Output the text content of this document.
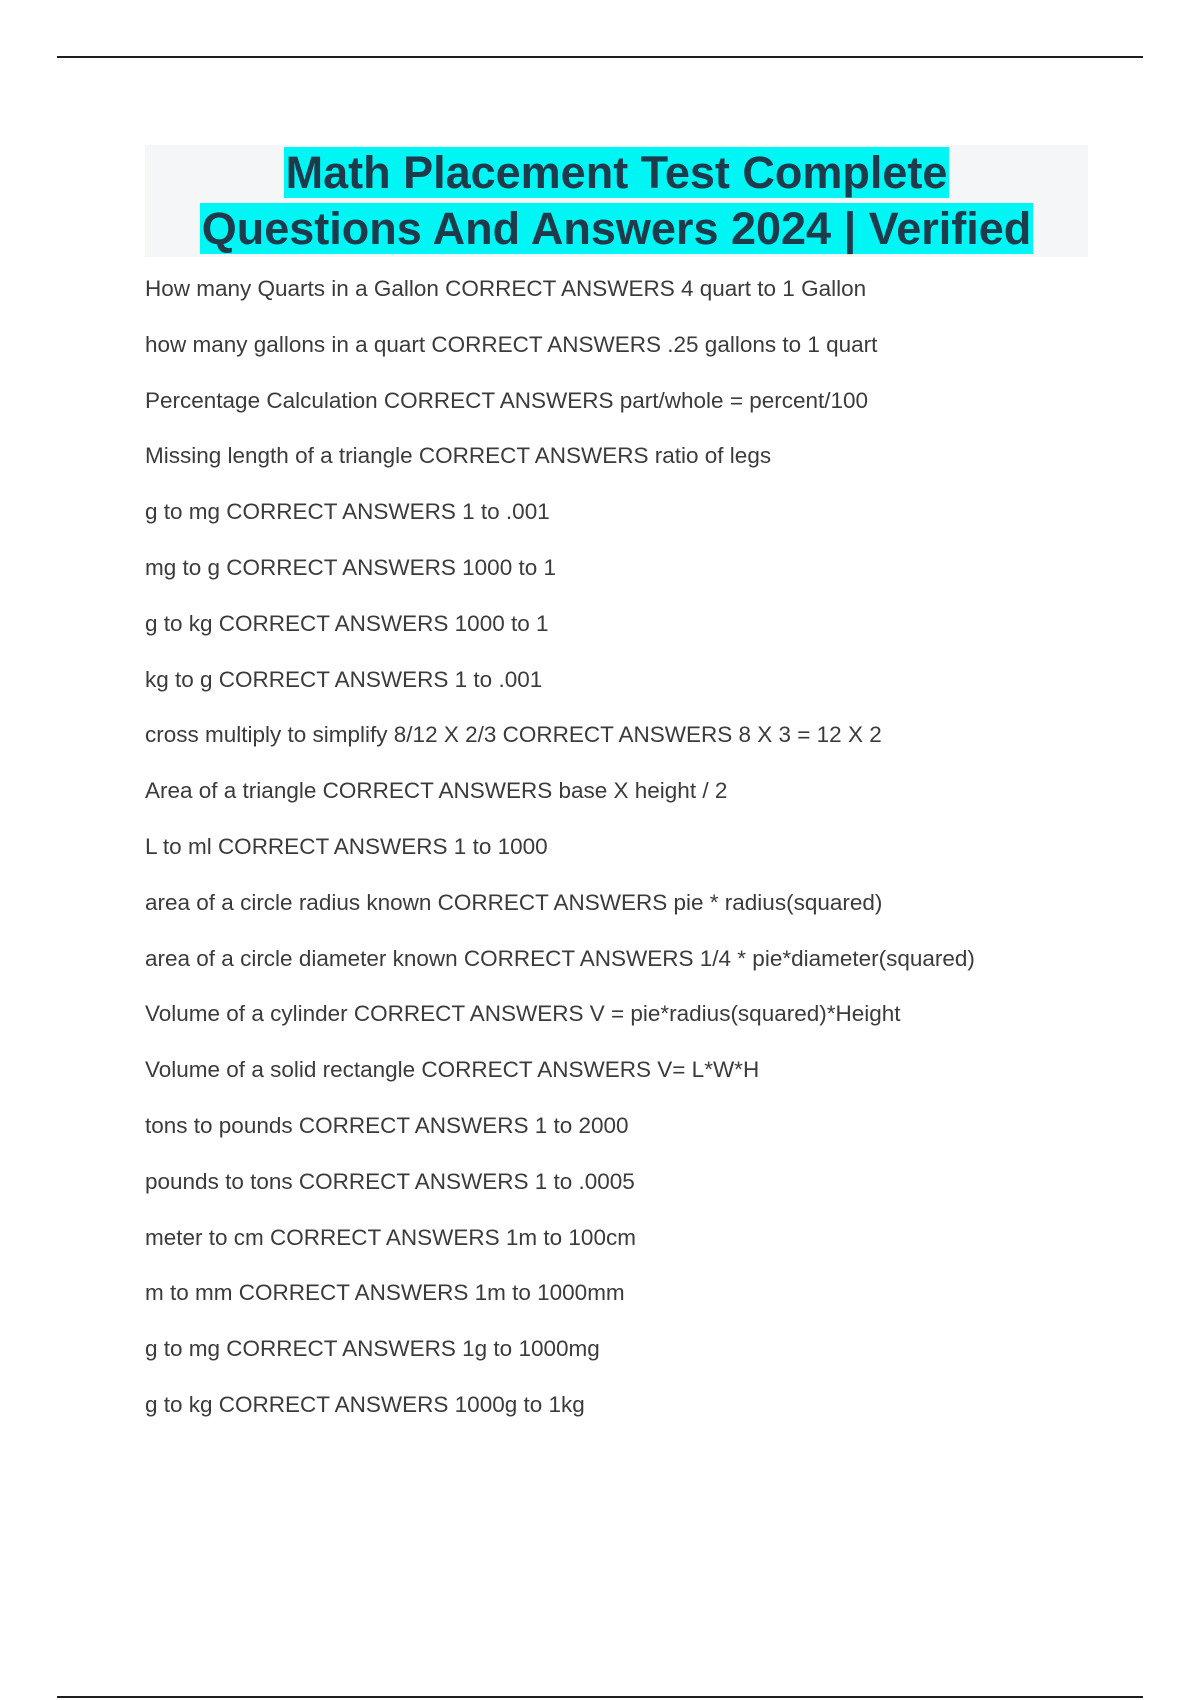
Math Placement Test Complete
Questions And Answers 2024 | Verified
How many Quarts in a Gallon CORRECT ANSWERS 4 quart to 1 Gallon
how many gallons in a quart CORRECT ANSWERS .25 gallons to 1 quart
Percentage Calculation CORRECT ANSWERS part/whole = percent/100
Missing length of a triangle CORRECT ANSWERS ratio of legs
g to mg CORRECT ANSWERS 1 to .001
mg to g CORRECT ANSWERS 1000 to 1
g to kg CORRECT ANSWERS 1000 to 1
kg to g CORRECT ANSWERS 1 to .001
cross multiply to simplify 8/12 X 2/3 CORRECT ANSWERS 8 X 3 = 12 X 2
Area of a triangle CORRECT ANSWERS base X height / 2
L to ml CORRECT ANSWERS 1 to 1000
area of a circle radius known CORRECT ANSWERS pie * radius(squared)
area of a circle diameter known CORRECT ANSWERS 1/4 * pie*diameter(squared)
Volume of a cylinder CORRECT ANSWERS V = pie*radius(squared)*Height
Volume of a solid rectangle CORRECT ANSWERS V= L*W*H
tons to pounds CORRECT ANSWERS 1 to 2000
pounds to tons CORRECT ANSWERS 1 to .0005
meter to cm CORRECT ANSWERS 1m to 100cm
m to mm CORRECT ANSWERS 1m to 1000mm
g to mg CORRECT ANSWERS 1g to 1000mg
g to kg CORRECT ANSWERS 1000g to 1kg
